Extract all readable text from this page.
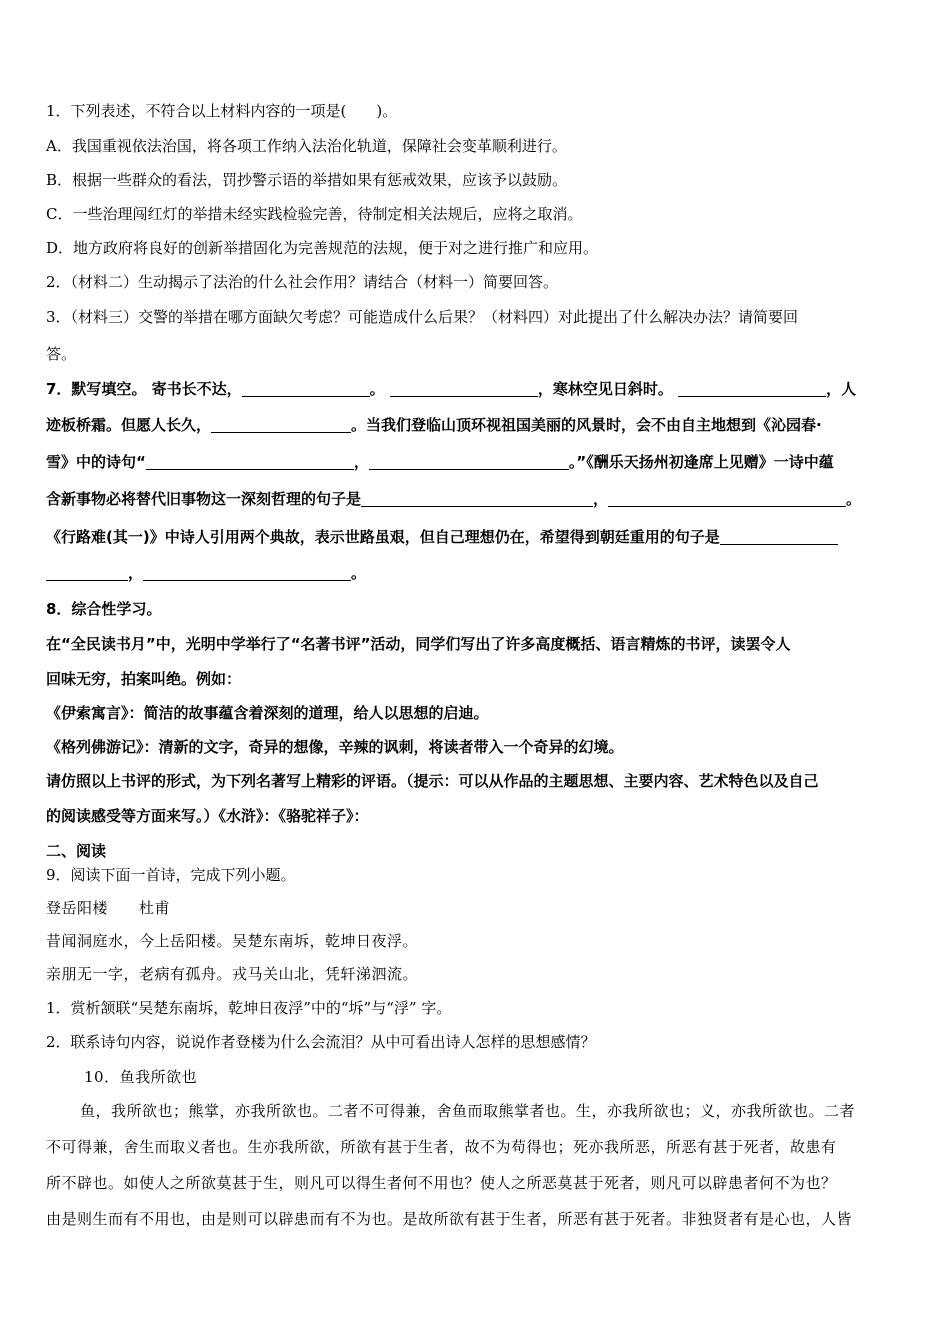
1．下列表述，不符合以上材料内容的一项是(　　)。
A．我国重视依法治国，将各项工作纳入法治化轨道，保障社会变革顺利进行。
B．根据一些群众的看法，罚抄警示语的举措如果有惩戒效果，应该予以鼓励。
C．一些治理闯红灯的举措未经实践检验完善，待制定相关法规后，应将之取消。
D．地方政府将良好的创新举措固化为完善规范的法规，便于对之进行推广和应用。
2．（材料二）生动揭示了法治的什么社会作用？请结合（材料一）简要回答。
3．（材料三）交警的举措在哪方面缺欠考虑？可能造成什么后果？（材料四）对此提出了什么解决办法？请简要回
答。
7．默写填空。 寄书长不达，	。	，寒林空见日斜时。	，人
迹板桥霜。但愿人长久，	。当我们登临山顶环视祖国美丽的风景时，会不由自主地想到《沁园春·
雪》中的诗句“	，	。”《酬乐天扬州初逢席上见赠》一诗中蕴
含新事物必将替代旧事物这一深刻哲理的句子是	，	。
《行路难(其一)》中诗人引用两个典故，表示世路虽艰，但自己理想仍在，希望得到朝廷重用的句子是
，	。
8．综合性学习。
在“全民读书月”中，光明中学举行了“名著书评”活动，同学们写出了许多高度概括、语言精炼的书评，读罢令人
回味无穷，拍案叫绝。例如：
《伊索寓言》：简洁的故事蕴含着深刻的道理，给人以思想的启迪。
《格列佛游记》：清新的文字，奇异的想像，辛辣的讽刺，将读者带入一个奇异的幻境。
请仿照以上书评的形式，为下列名著写上精彩的评语。（提示：可以从作品的主题思想、主要内容、艺术特色以及自己
的阅读感受等方面来写。）《水浒》：《骆驼祥子》：
二、阅读
9．阅读下面一首诗，完成下列小题。
登岳阳楼　　杜甫
昔闻洞庭水，今上岳阳楼。吴楚东南坼，乾坤日夜浮。
亲朋无一字，老病有孤舟。戎马关山北，凭轩涕泗流。
1．赏析颔联“吴楚东南坼，乾坤日夜浮”中的“坼”与“浮” 字。
2．联系诗句内容，说说作者登楼为什么会流泪？从中可看出诗人怎样的思想感情？
10．鱼我所欲也
鱼，我所欲也；熊掌，亦我所欲也。二者不可得兼，舍鱼而取熊掌者也。生，亦我所欲也；义，亦我所欲也。二者
不可得兼，舍生而取义者也。生亦我所欲，所欲有甚于生者，故不为苟得也；死亦我所恶，所恶有甚于死者，故患有
所不辟也。如使人之所欲莫甚于生，则凡可以得生者何不用也？使人之所恶莫甚于死者，则凡可以辟患者何不为也？
由是则生而有不用也，由是则可以辟患而有不为也。是故所欲有甚于生者，所恶有甚于死者。非独贤者有是心也，人皆
